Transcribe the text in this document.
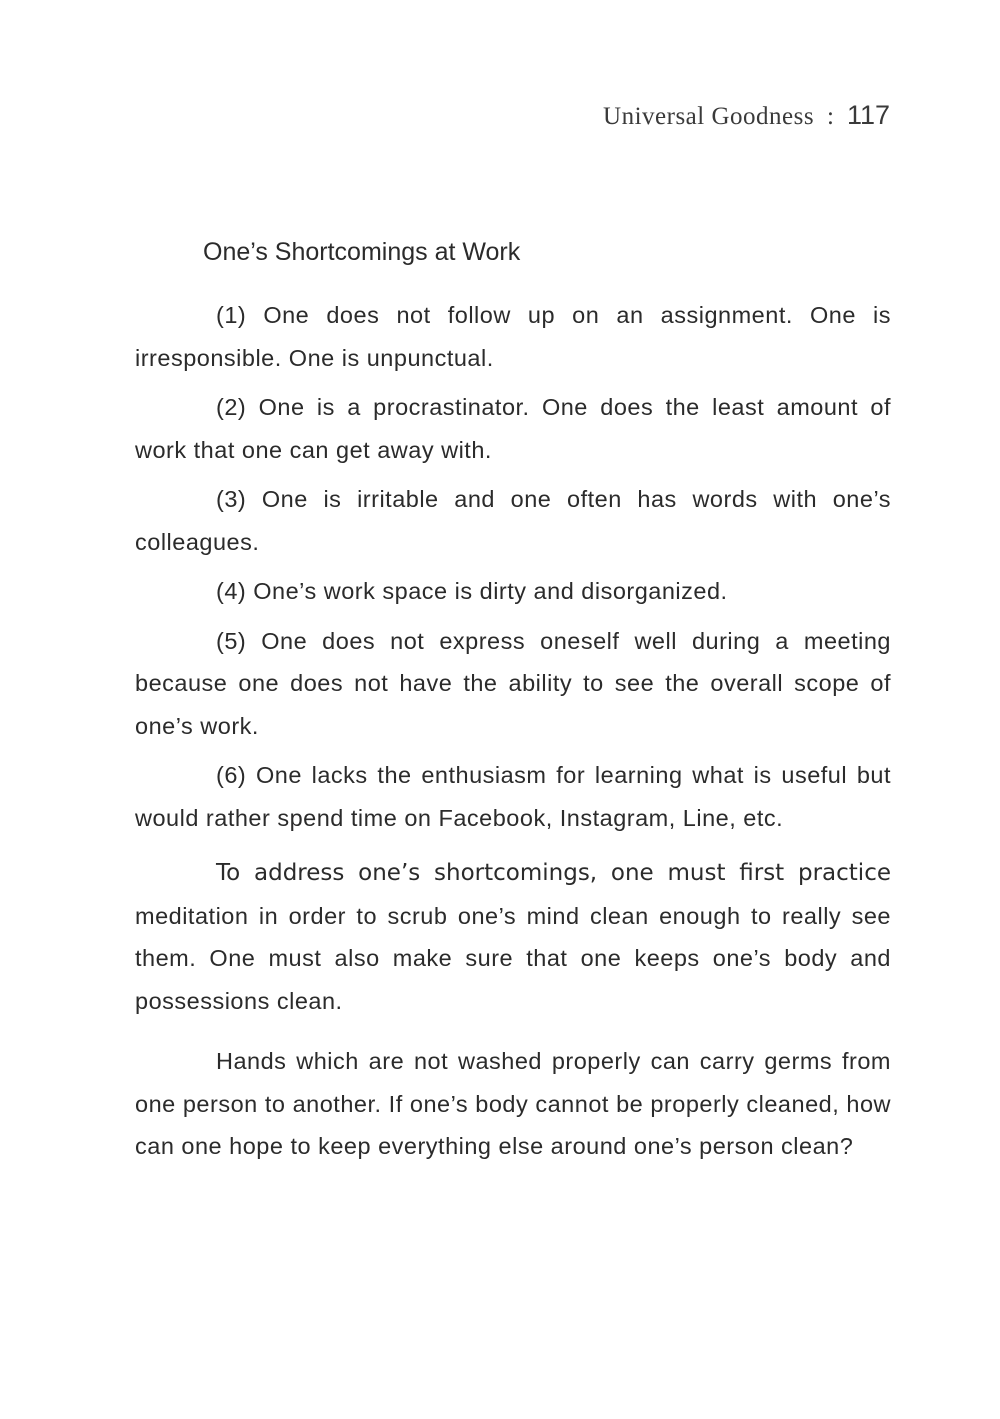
Universal Goodness : 117
One’s Shortcomings at Work

(1) One does not follow up on an assignment. One is irresponsible. One is unpunctual.

(2) One is a procrastinator. One does the least amount of work that one can get away with.

(3) One is irritable and one often has words with one’s colleagues.

(4) One’s work space is dirty and disorganized.

(5) One does not express oneself well during a meeting because one does not have the ability to see the overall scope of one’s work.

(6) One lacks the enthusiasm for learning what is useful but would rather spend time on Facebook, Instagram, Line, etc.

To address one’s shortcomings, one must first practice meditation in order to scrub one’s mind clean enough to really see them. One must also make sure that one keeps one’s body and possessions clean.

Hands which are not washed properly can carry germs from one person to another. If one’s body cannot be properly cleaned, how can one hope to keep everything else around one’s person clean?
